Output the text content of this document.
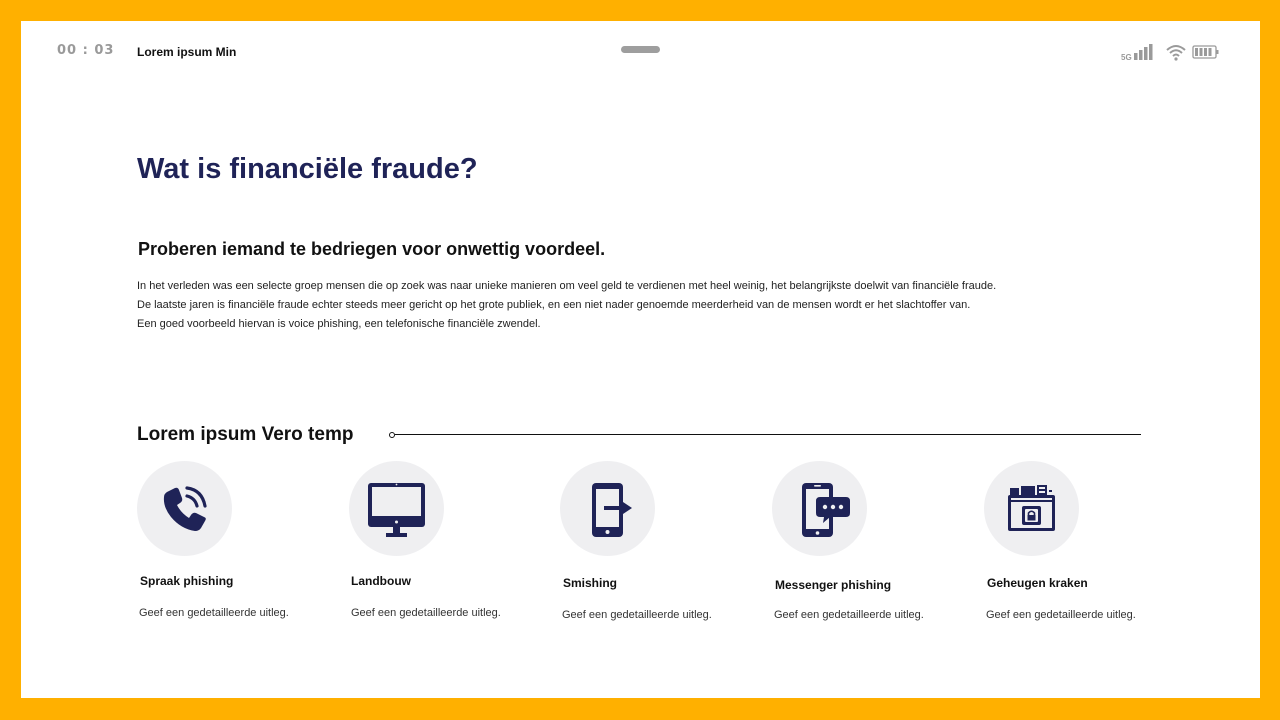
00 : 03 Lorem ipsum Min	5G
Wat is financiële fraude?
Proberen iemand te bedriegen voor onwettig voordeel.
In het verleden was een selecte groep mensen die op zoek was naar unieke manieren om veel geld te verdienen met heel weinig, het belangrijkste doelwit van financiële fraude.
De laatste jaren is financiële fraude echter steeds meer gericht op het grote publiek, en een niet nader genoemde meerderheid van de mensen wordt er het slachtoffer van.
Een goed voorbeeld hiervan is voice phishing, een telefonische financiële zwendel.
Lorem ipsum Vero temp
Spraak phishing
Geef een gedetailleerde uitleg.
Landbouw
Geef een gedetailleerde uitleg.
Smishing
Geef een gedetailleerde uitleg.
Messenger phishing
Geef een gedetailleerde uitleg.
Geheugen kraken
Geef een gedetailleerde uitleg.
